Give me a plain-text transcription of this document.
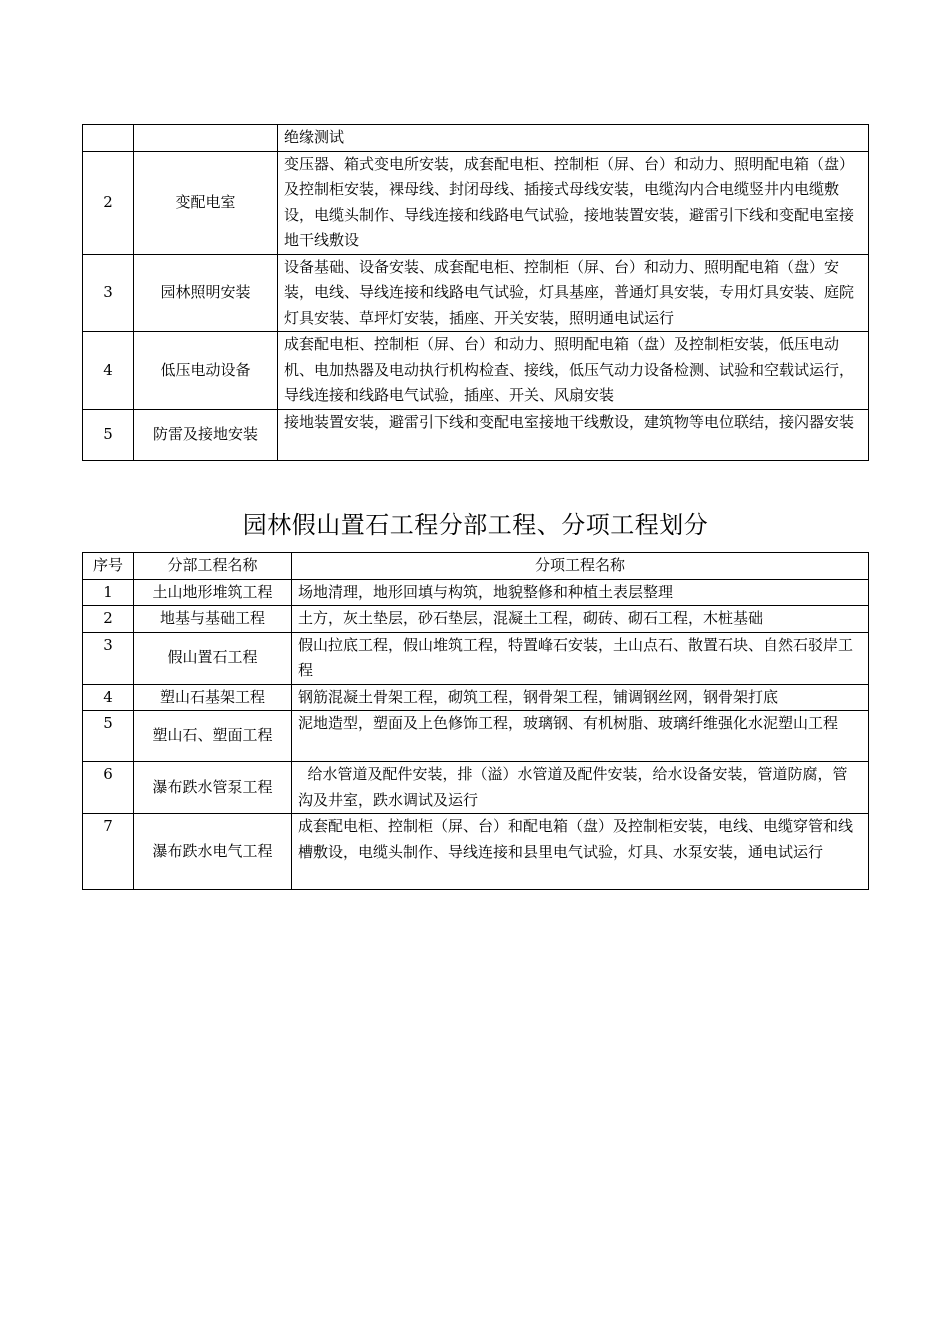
		绝缘测试
2	变配电室	变压器、箱式变电所安装，成套配电柜、控制柜（屏、台）和动力、照明配电箱（盘）及控制柜安装，裸母线、封闭母线、插接式母线安装，电缆沟内合电缆竖井内电缆敷设，电缆头制作、导线连接和线路电气试验，接地装置安装，避雷引下线和变配电室接地干线敷设
3	园林照明安装	设备基础、设备安装、成套配电柜、控制柜（屏、台）和动力、照明配电箱（盘）安装，电线、导线连接和线路电气试验，灯具基座，普通灯具安装，专用灯具安装、庭院灯具安装、草坪灯安装，插座、开关安装，照明通电试运行
4	低压电动设备	成套配电柜、控制柜（屏、台）和动力、照明配电箱（盘）及控制柜安装，低压电动机、电加热器及电动执行机构检查、接线，低压气动力设备检测、试验和空载试运行，导线连接和线路电气试验，插座、开关、风扇安装
5	防雷及接地安装	接地装置安装，避雷引下线和变配电室接地干线敷设，建筑物等电位联结，接闪器安装
园林假山置石工程分部工程、分项工程划分
序号	分部工程名称	分项工程名称
1	土山地形堆筑工程	场地清理，地形回填与构筑，地貌整修和种植土表层整理
2	地基与基础工程	土方，灰土垫层，砂石垫层，混凝土工程，砌砖、砌石工程，木桩基础
3	假山置石工程	假山拉底工程，假山堆筑工程，特置峰石安装，土山点石、散置石块、自然石驳岸工程
4	塑山石基架工程	钢筋混凝土骨架工程，砌筑工程，钢骨架工程，铺调钢丝网，钢骨架打底
5	塑山石、塑面工程	泥地造型，塑面及上色修饰工程，玻璃钢、有机树脂、玻璃纤维强化水泥塑山工程
6	瀑布跌水管泵工程	给水管道及配件安装，排（溢）水管道及配件安装，给水设备安装，管道防腐，管沟及井室，跌水调试及运行
7	瀑布跌水电气工程	成套配电柜、控制柜（屏、台）和配电箱（盘）及控制柜安装，电线、电缆穿管和线槽敷设，电缆头制作、导线连接和县里电气试验，灯具、水泵安装，通电试运行
